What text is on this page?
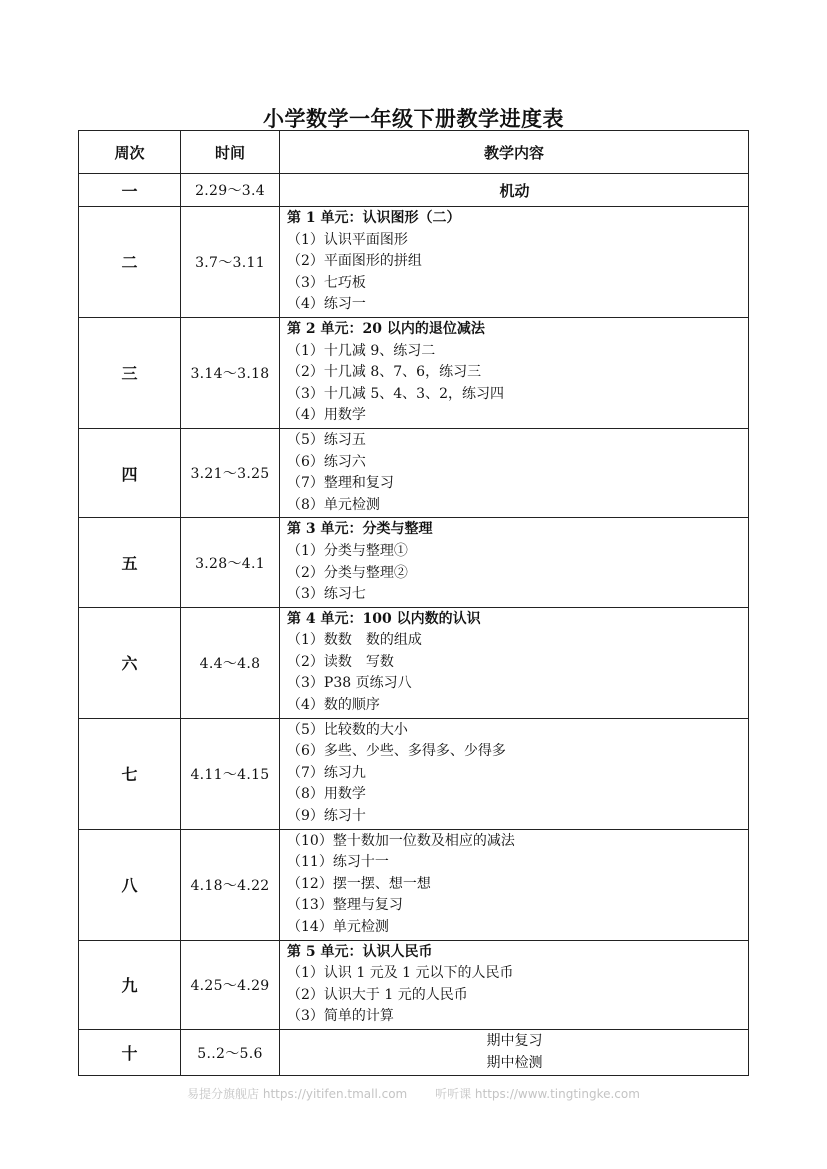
小学数学一年级下册教学进度表
周次	时间	教学内容
一	2.29～3.4	机动
二	3.7～3.11	第 1 单元：认识图形（二）
（1）认识平面图形
（2）平面图形的拼组
（3）七巧板
（4）练习一

三	3.14～3.18	第 2 单元：20 以内的退位减法
（1）十几减 9、练习二
（2）十几减 8、7、6，练习三
（3）十几减 5、4、3、2，练习四
（4）用数学

四	3.21～3.25	（5）练习五
（6）练习六
（7）整理和复习
（8）单元检测

五	3.28～4.1	第 3 单元：分类与整理
（1）分类与整理①
（2）分类与整理②
（3）练习七

六	4.4～4.8	第 4 单元：100 以内数的认识
（1）数数　数的组成
（2）读数　写数
（3）P38 页练习八
（4）数的顺序

七	4.11～4.15	（5）比较数的大小
（6）多些、少些、多得多、少得多
（7）练习九
（8）用数学
（9）练习十

八	4.18～4.22	（10）整十数加一位数及相应的减法
（11）练习十一
（12）摆一摆、想一想
（13）整理与复习
（14）单元检测

九	4.25～4.29	第 5 单元：认识人民币
（1）认识 1 元及 1 元以下的人民币
（2）认识大于 1 元的人民币
（3）简单的计算

十	5..2～5.6	期中复习
期中检测
易提分旗舰店 https://yitifen.tmall.com 听听课 https://www.tingtingke.com
